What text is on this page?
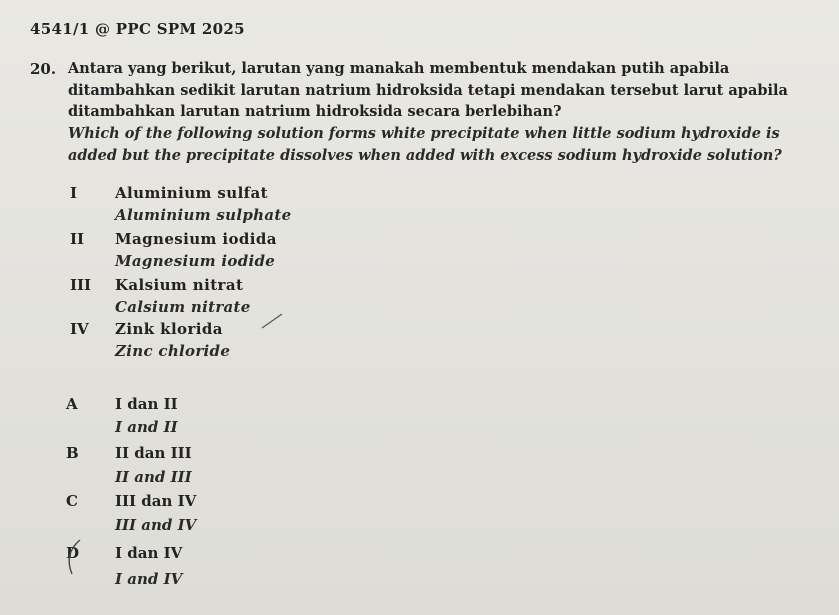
4541/1 @ PPC SPM 2025
20. Antara yang berikut, larutan yang manakah membentuk mendakan putih apabila
ditambahkan sedikit larutan natrium hidroksida tetapi mendakan tersebut larut apabila
ditambahkan larutan natrium hidroksida secara berlebihan?
Which of the following solution forms white precipitate when little sodium hydroxide is
added but the precipitate dissolves when added with excess sodium hydroxide solution?
I	Aluminium sulfat
Aluminium sulphate
II Magnesium iodida
Magnesium iodide
III Kalsium nitrat
Calsium nitrate
IV Zink klorida
Zinc chloride
A I dan II
I and II
B II dan III
II and III
C III dan IV
III and IV
D I dan IV
I and IV
